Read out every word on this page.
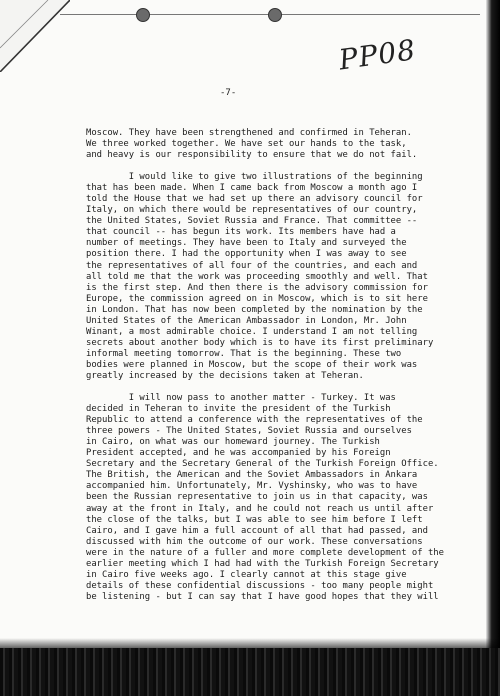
PP08
-7-
Moscow. They have been strengthened and confirmed in Teheran.
We three worked together. We have set our hands to the task,
and heavy is our responsibility to ensure that we do not fail.
I would like to give two illustrations of the beginning
that has been made. When I came back from Moscow a month ago I
told the House that we had set up there an advisory council for
Italy, on which there would be representatives of our country,
the United States, Soviet Russia and France. That committee --
that council -- has begun its work. Its members have had a
number of meetings. They have been to Italy and surveyed the
position there. I had the opportunity when I was away to see
the representatives of all four of the countries, and each and
all told me that the work was proceeding smoothly and well. That
is the first step. And then there is the advisory commission for
Europe, the commission agreed on in Moscow, which is to sit here
in London. That has now been completed by the nomination by the
United States of the American Ambassador in London, Mr. John
Winant, a most admirable choice. I understand I am not telling
secrets about another body which is to have its first preliminary
informal meeting tomorrow. That is the beginning. These two
bodies were planned in Moscow, but the scope of their work was
greatly increased by the decisions taken at Teheran.
I will now pass to another matter - Turkey. It was
decided in Teheran to invite the president of the Turkish
Republic to attend a conference with the representatives of the
three powers - The United States, Soviet Russia and ourselves
in Cairo, on what was our homeward journey. The Turkish
President accepted, and he was accompanied by his Foreign
Secretary and the Secretary General of the Turkish Foreign Office.
The British, the American and the Soviet Ambassadors in Ankara
accompanied him. Unfortunately, Mr. Vyshinsky, who was to have
been the Russian representative to join us in that capacity, was
away at the front in Italy, and he could not reach us until after
the close of the talks, but I was able to see him before I left
Cairo, and I gave him a full account of all that had passed, and
discussed with him the outcome of our work. These conversations
were in the nature of a fuller and more complete development of the
earlier meeting which I had had with the Turkish Foreign Secretary
in Cairo five weeks ago. I clearly cannot at this stage give
details of these confidential discussions - too many people might
be listening - but I can say that I have good hopes that they will
